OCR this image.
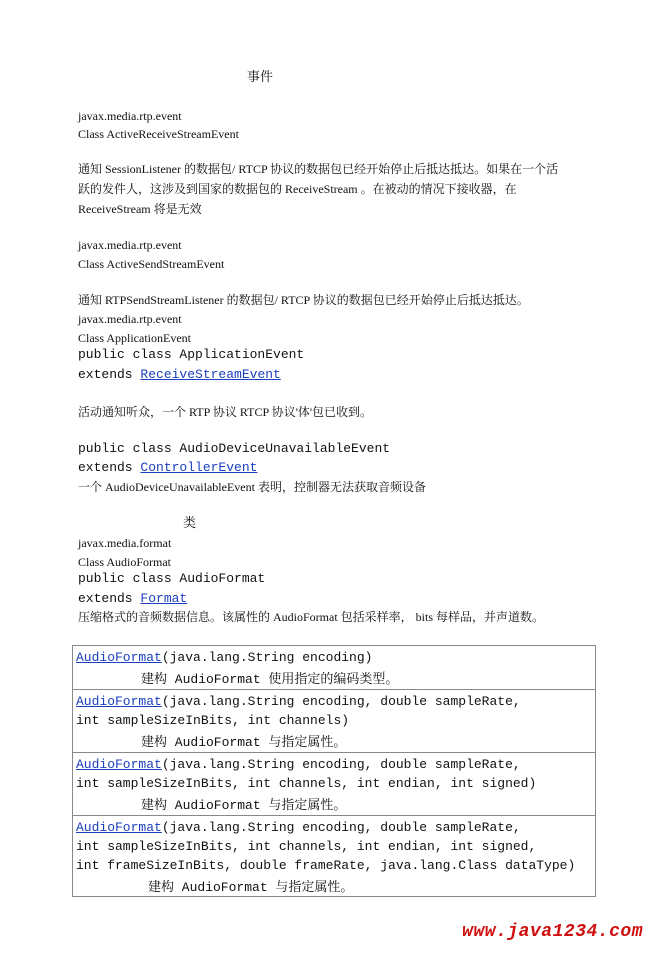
事件
javax.media.rtp.event
Class ActiveReceiveStreamEvent
通知 SessionListener 的数据包/ RTCP 协议的数据包已经开始停止后抵达抵达。如果在一个活
跃的发件人，这涉及到国家的数据包的 ReceiveStream 。在被动的情况下接收器，在
ReceiveStream 将是无效
javax.media.rtp.event
Class ActiveSendStreamEvent
通知 RTPSendStreamListener 的数据包/ RTCP 协议的数据包已经开始停止后抵达抵达。
javax.media.rtp.event
Class ApplicationEvent
public class ApplicationEvent
extends ReceiveStreamEvent
活动通知听众，一个 RTP 协议 RTCP 协议'体'包已收到。
public class AudioDeviceUnavailableEvent
extends ControllerEvent
一个 AudioDeviceUnavailableEvent 表明，控制器无法获取音频设备
类
javax.media.format
Class AudioFormat
public class AudioFormat
extends Format
压缩格式的音频数据信息。该属性的 AudioFormat 包括采样率， bits 每样品，并声道数。
AudioFormat(java.lang.String encoding)
建构 AudioFormat 使用指定的编码类型。
AudioFormat(java.lang.String encoding, double sampleRate,
int sampleSizeInBits, int channels)
建构 AudioFormat 与指定属性。
AudioFormat(java.lang.String encoding, double sampleRate,
int sampleSizeInBits, int channels, int endian, int signed)
建构 AudioFormat 与指定属性。
AudioFormat(java.lang.String encoding, double sampleRate,
int sampleSizeInBits, int channels, int endian, int signed,
int frameSizeInBits, double frameRate, java.lang.Class dataType)
建构 AudioFormat 与指定属性。
www.java1234.com
